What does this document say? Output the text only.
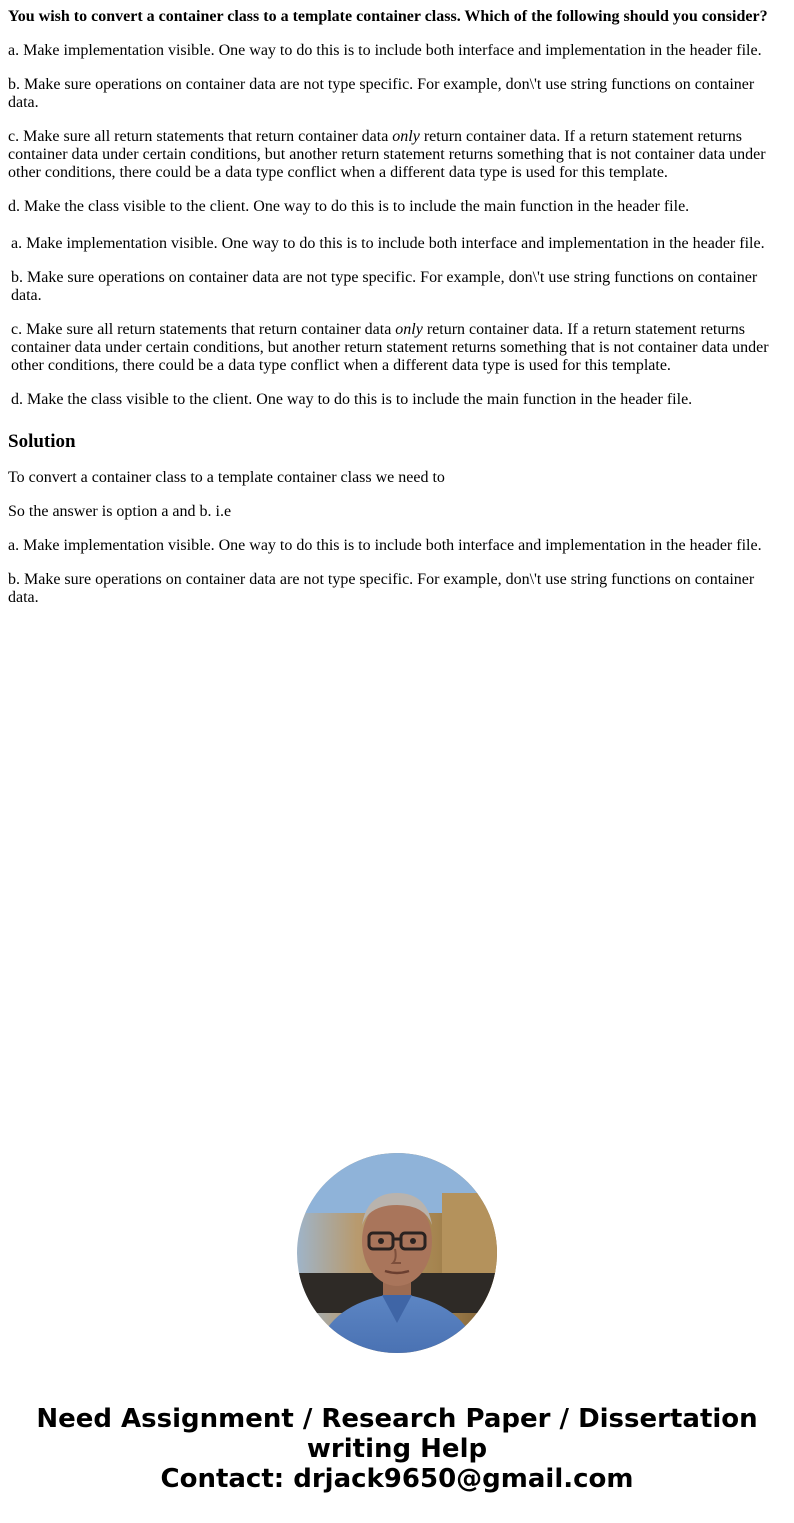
You wish to convert a container class to a template container class. Which of the following should you consider?

a. Make implementation visible. One way to do this is to include both interface and implementation in the header file.

b. Make sure operations on container data are not type specific. For example, don\'t use string functions on container data.

c. Make sure all return statements that return container data only return container data. If a return statement returns container data under certain conditions, but another return statement returns something that is not container data under other conditions, there could be a data type conflict when a different data type is used for this template.

d. Make the class visible to the client. One way to do this is to include the main function in the header file.

a. Make implementation visible. One way to do this is to include both interface and implementation in the header file.

b. Make sure operations on container data are not type specific. For example, don\'t use string functions on container data.

c. Make sure all return statements that return container data only return container data. If a return statement returns container data under certain conditions, but another return statement returns something that is not container data under other conditions, there could be a data type conflict when a different data type is used for this template.

d. Make the class visible to the client. One way to do this is to include the main function in the header file.

Solution

To convert a container class to a template container class we need to

So the answer is option a and b. i.e

a. Make implementation visible. One way to do this is to include both interface and implementation in the header file.

b. Make sure operations on container data are not type specific. For example, don\'t use string functions on container data.

Need Assignment / Research Paper / Dissertation writing Help
Contact: drjack9650@gmail.com
